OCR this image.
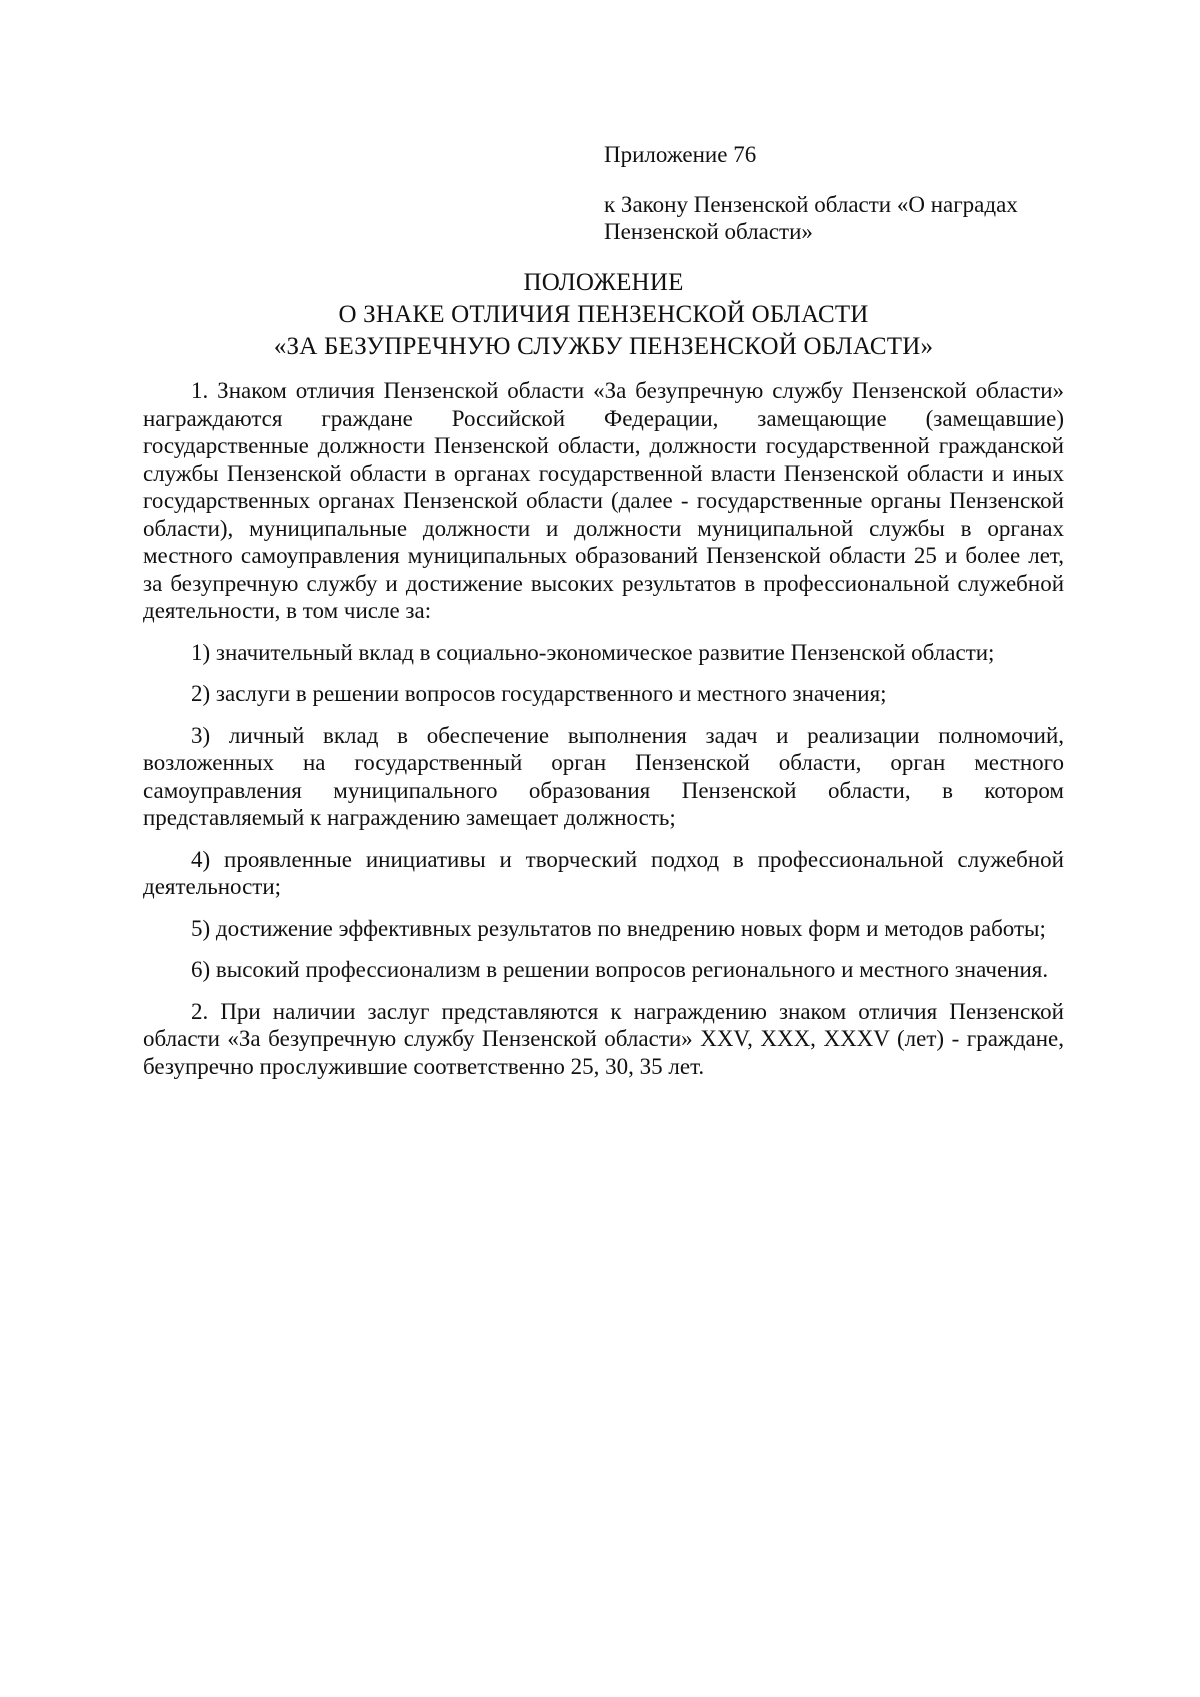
Приложение 76
к Закону Пензенской области «О наградах Пензенской области»
ПОЛОЖЕНИЕ
О ЗНАКЕ ОТЛИЧИЯ ПЕНЗЕНСКОЙ ОБЛАСТИ
«ЗА БЕЗУПРЕЧНУЮ СЛУЖБУ ПЕНЗЕНСКОЙ ОБЛАСТИ»

1. Знаком отличия Пензенской области «За безупречную службу Пензенской области» награждаются граждане Российской Федерации, замещающие (замещавшие) государственные должности Пензенской области, должности государственной гражданской службы Пензенской области в органах государственной власти Пензенской области и иных государственных органах Пензенской области (далее - государственные органы Пензенской области), муниципальные должности и должности муниципальной службы в органах местного самоуправления муниципальных образований Пензенской области 25 и более лет, за безупречную службу и достижение высоких результатов в профессиональной служебной деятельности, в том числе за:

1) значительный вклад в социально-экономическое развитие Пензенской области;

2) заслуги в решении вопросов государственного и местного значения;

3) личный вклад в обеспечение выполнения задач и реализации полномочий, возложенных на государственный орган Пензенской области, орган местного самоуправления муниципального образования Пензенской области, в котором представляемый к награждению замещает должность;

4) проявленные инициативы и творческий подход в профессиональной служебной деятельности;

5) достижение эффективных результатов по внедрению новых форм и методов работы;

6) высокий профессионализм в решении вопросов регионального и местного значения.

2. При наличии заслуг представляются к награждению знаком отличия Пензенской области «За безупречную службу Пензенской области» XXV, XXX, XXXV (лет) - граждане, безупречно прослужившие соответственно 25, 30, 35 лет.
